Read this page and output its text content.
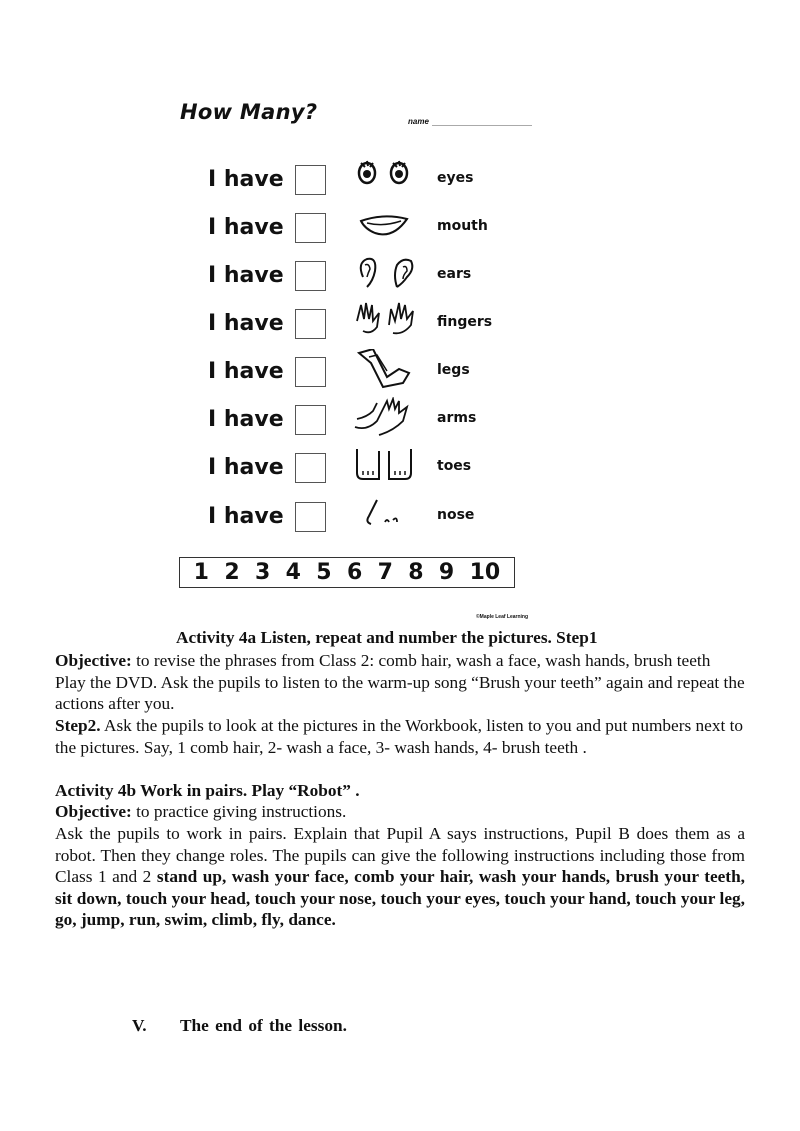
How Many?	name
I have	eyes
I have	mouth
I have	ears
I have	fingers
I have	legs
I have	arms
I have	toes
I have	nose
1 2 3 4 5 6 7 8 9 10
©Maple Leaf Learning
Activity 4a Listen, repeat and number the pictures. Step1
Objective: to revise the phrases from Class 2: comb hair, wash a face, wash hands, brush teeth Play the DVD. Ask the pupils to listen to the warm-up song “Brush your teeth” again and repeat the actions after you.
Step2. Ask the pupils to look at the pictures in the Workbook, listen to you and put numbers next to the pictures. Say, 1 comb hair, 2- wash a face, 3- wash hands, 4- brush teeth .
Activity 4b Work in pairs. Play “Robot” .
Objective: to practice giving instructions.
Ask the pupils to work in pairs. Explain that Pupil A says instructions, Pupil B does them as a robot. Then they change roles. The pupils can give the following instructions including those from Class 1 and 2 stand up, wash your face, comb your hair, wash your hands, brush your teeth, sit down, touch your head, touch your nose, touch your eyes, touch your hand, touch your leg, go, jump, run, swim, climb, fly, dance.
V. The end of the lesson.
